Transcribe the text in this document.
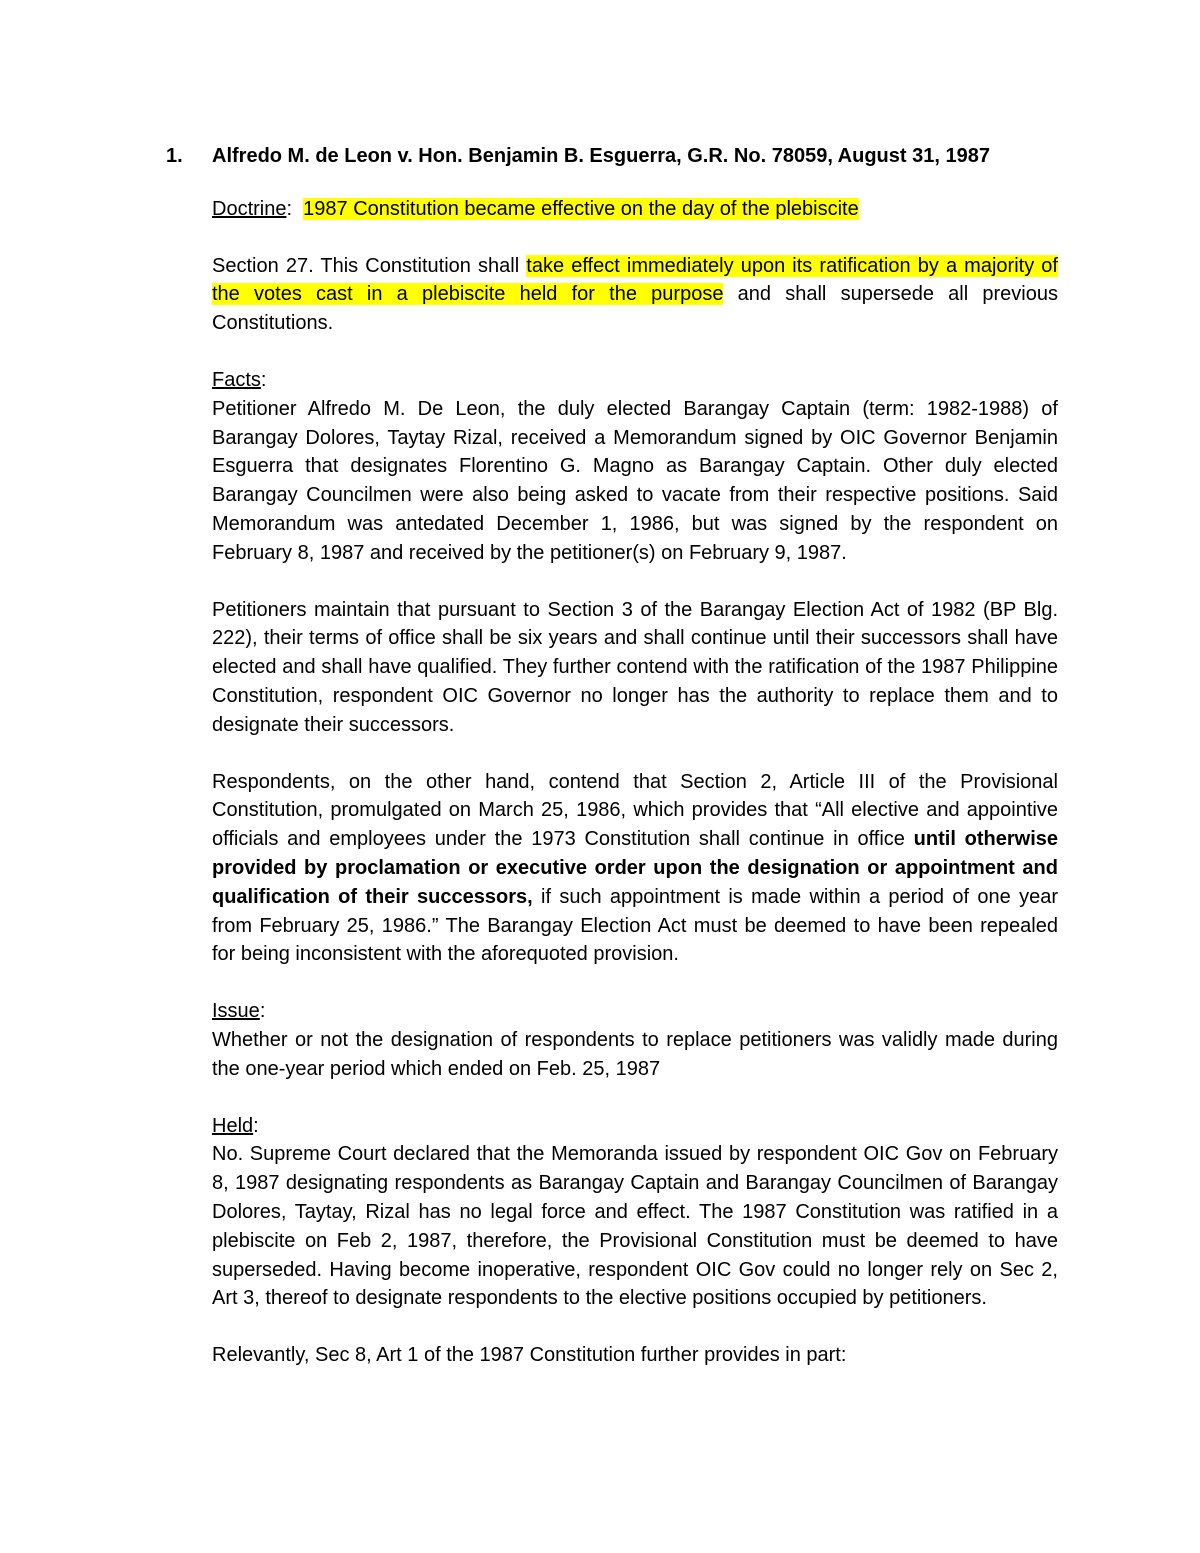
1. Alfredo M. de Leon v. Hon. Benjamin B. Esguerra, G.R. No. 78059, August 31, 1987

Doctrine: 1987 Constitution became effective on the day of the plebiscite

Section 27. This Constitution shall take effect immediately upon its ratification by a majority of the votes cast in a plebiscite held for the purpose and shall supersede all previous Constitutions.

Facts:

Petitioner Alfredo M. De Leon, the duly elected Barangay Captain (term: 1982-1988) of Barangay Dolores, Taytay Rizal, received a Memorandum signed by OIC Governor Benjamin Esguerra that designates Florentino G. Magno as Barangay Captain. Other duly elected Barangay Councilmen were also being asked to vacate from their respective positions. Said Memorandum was antedated December 1, 1986, but was signed by the respondent on February 8, 1987 and received by the petitioner(s) on February 9, 1987.

Petitioners maintain that pursuant to Section 3 of the Barangay Election Act of 1982 (BP Blg. 222), their terms of office shall be six years and shall continue until their successors shall have elected and shall have qualified. They further contend with the ratification of the 1987 Philippine Constitution, respondent OIC Governor no longer has the authority to replace them and to designate their successors.

Respondents, on the other hand, contend that Section 2, Article III of the Provisional Constitution, promulgated on March 25, 1986, which provides that “All elective and appointive officials and employees under the 1973 Constitution shall continue in office until otherwise provided by proclamation or executive order upon the designation or appointment and qualification of their successors, if such appointment is made within a period of one year from February 25, 1986.” The Barangay Election Act must be deemed to have been repealed for being inconsistent with the aforequoted provision.

Issue:

Whether or not the designation of respondents to replace petitioners was validly made during the one-year period which ended on Feb. 25, 1987

Held:

No. Supreme Court declared that the Memoranda issued by respondent OIC Gov on February 8, 1987 designating respondents as Barangay Captain and Barangay Councilmen of Barangay Dolores, Taytay, Rizal has no legal force and effect. The 1987 Constitution was ratified in a plebiscite on Feb 2, 1987, therefore, the Provisional Constitution must be deemed to have superseded. Having become inoperative, respondent OIC Gov could no longer rely on Sec 2, Art 3, thereof to designate respondents to the elective positions occupied by petitioners.

Relevantly, Sec 8, Art 1 of the 1987 Constitution further provides in part:
